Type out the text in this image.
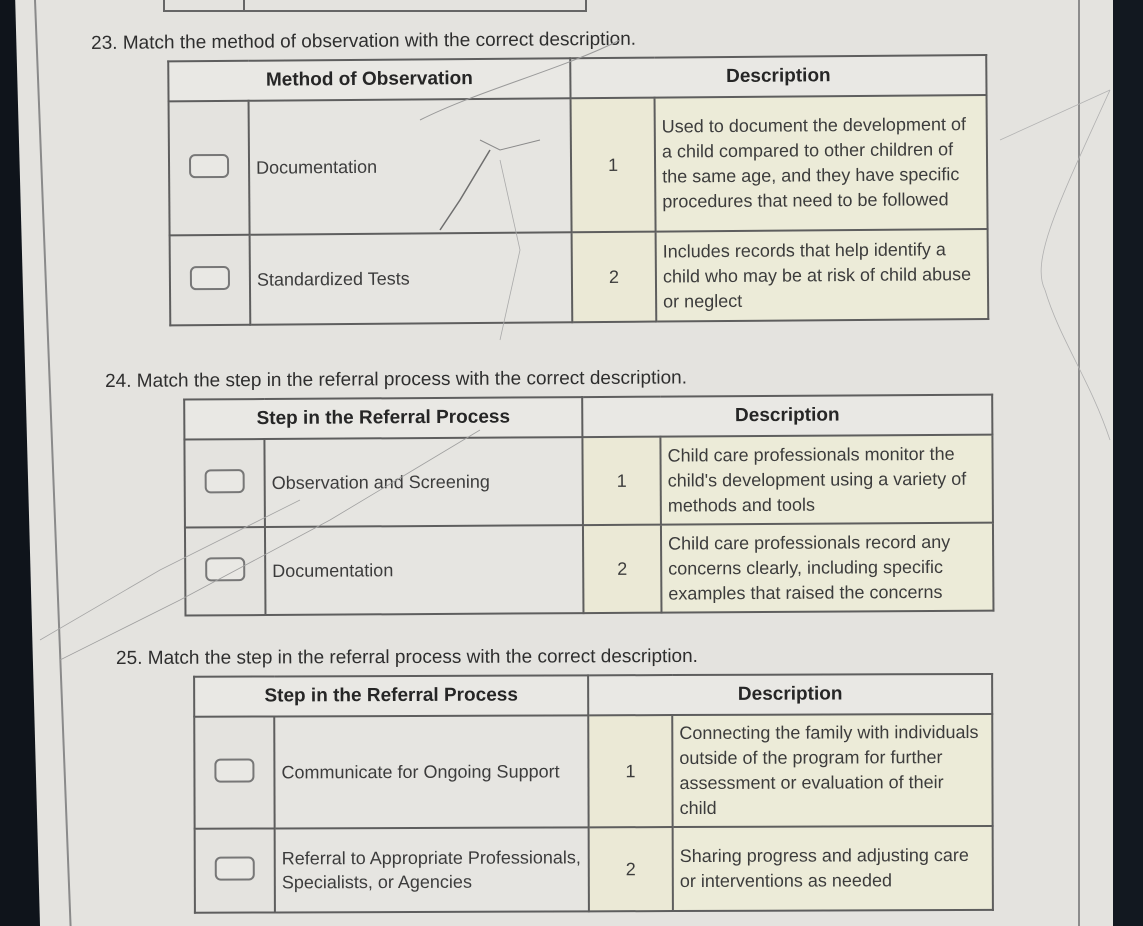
23. Match the method of observation with the correct description.
Method of Observation		Description	
	Documentation	1	Used to document the development of a child compared to other children of the same age, and they have specific procedures that need to be followed
	Standardized Tests	2	Includes records that help identify a child who may be at risk of child abuse or neglect
24. Match the step in the referral process with the correct description.
Step in the Referral Process		Description	
	Observation and Screening	1	Child care professionals monitor the child's development using a variety of methods and tools
	Documentation	2	Child care professionals record any concerns clearly, including specific examples that raised the concerns
25. Match the step in the referral process with the correct description.
Step in the Referral Process		Description	
	Communicate for Ongoing Support	1	Connecting the family with individuals outside of the program for further assessment or evaluation of their child
	Referral to Appropriate Professionals, Specialists, or Agencies	2	Sharing progress and adjusting care or interventions as needed
